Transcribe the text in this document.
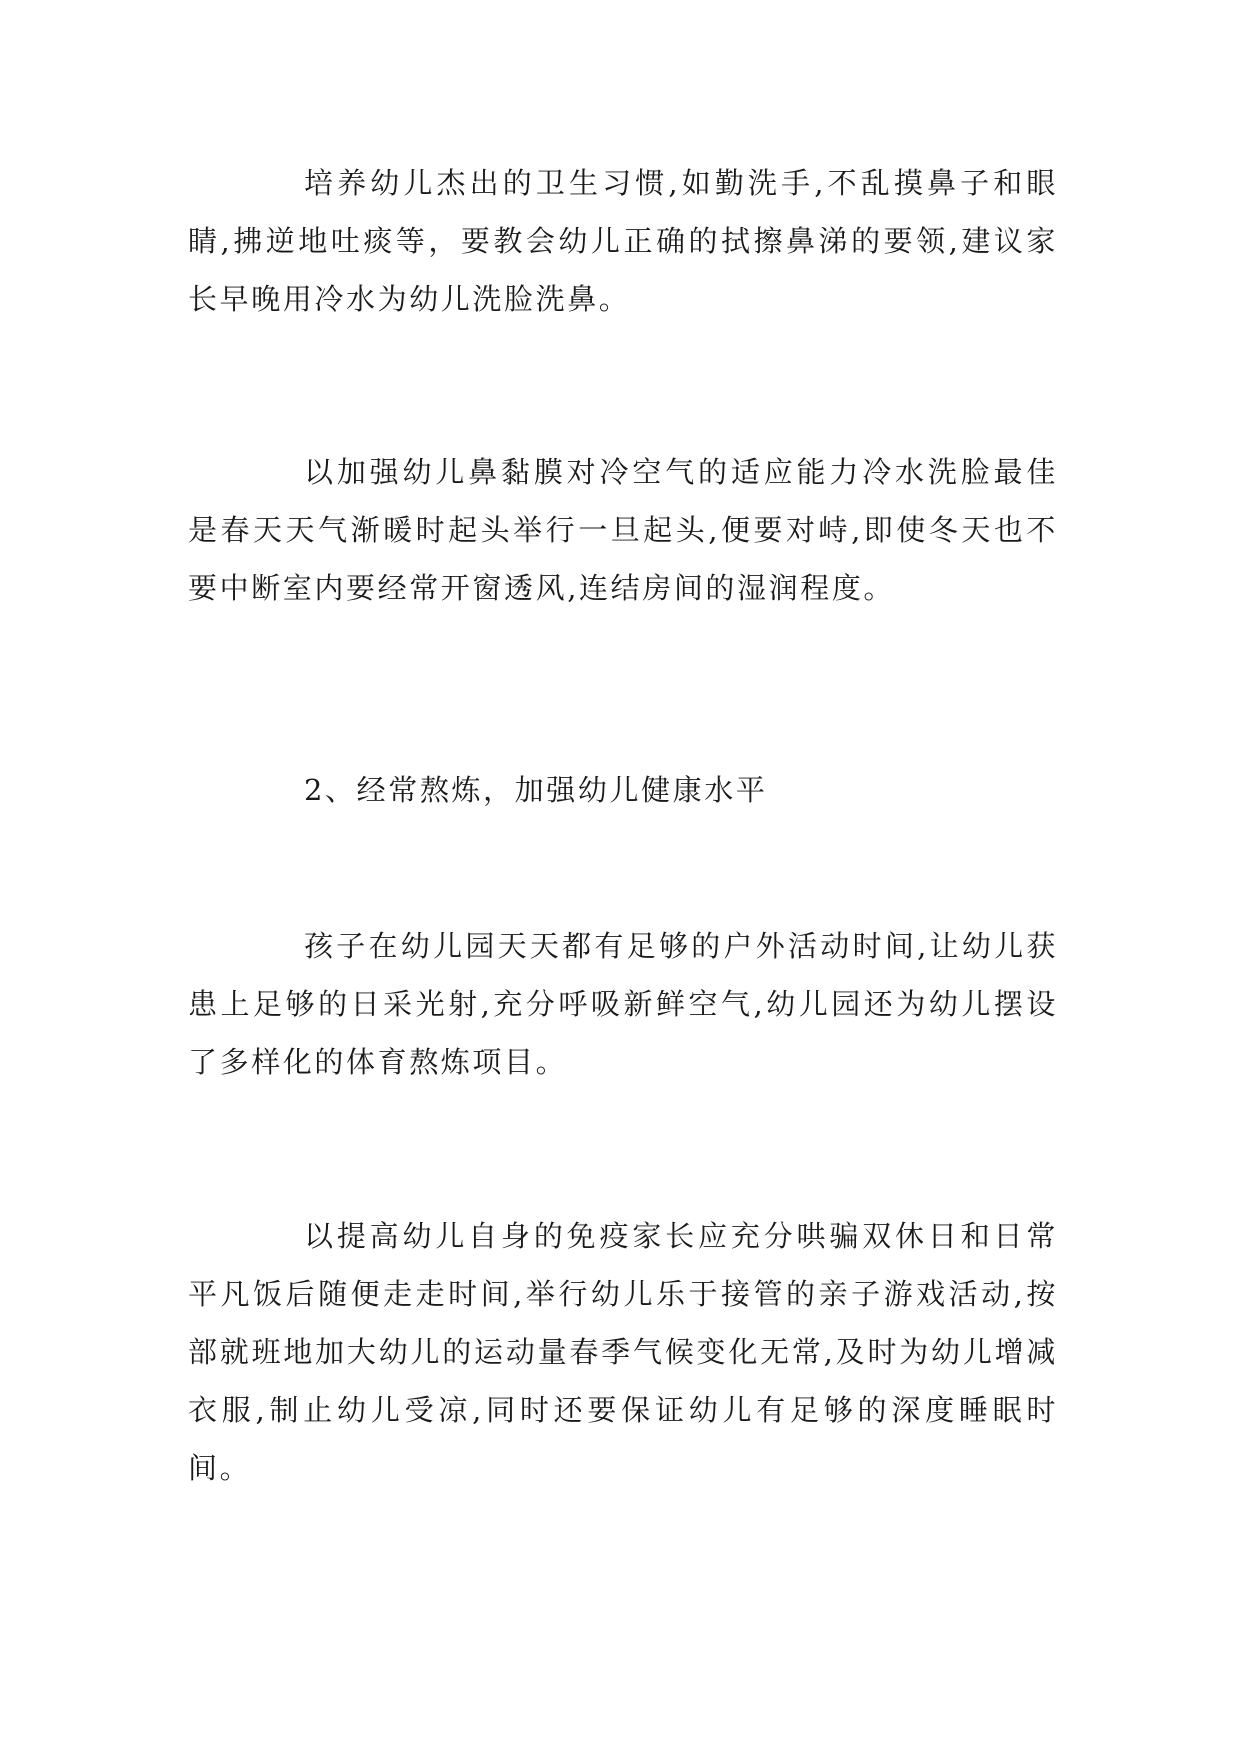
培养幼儿杰出的卫生习惯,如勤洗手,不乱摸鼻子和眼睛,拂逆地吐痰等，要教会幼儿正确的拭擦鼻涕的要领,建议家长早晚用冷水为幼儿洗脸洗鼻。

以加强幼儿鼻黏膜对冷空气的适应能力冷水洗脸最佳是春天天气渐暖时起头举行一旦起头,便要对峙,即使冬天也不要中断室内要经常开窗透风,连结房间的湿润程度。

2、经常熬炼，加强幼儿健康水平

孩子在幼儿园天天都有足够的户外活动时间,让幼儿获患上足够的日采光射,充分呼吸新鲜空气,幼儿园还为幼儿摆设了多样化的体育熬炼项目。

以提高幼儿自身的免疫家长应充分哄骗双休日和日常平凡饭后随便走走时间,举行幼儿乐于接管的亲子游戏活动,按部就班地加大幼儿的运动量春季气候变化无常,及时为幼儿增减衣服,制止幼儿受凉,同时还要保证幼儿有足够的深度睡眠时间。
